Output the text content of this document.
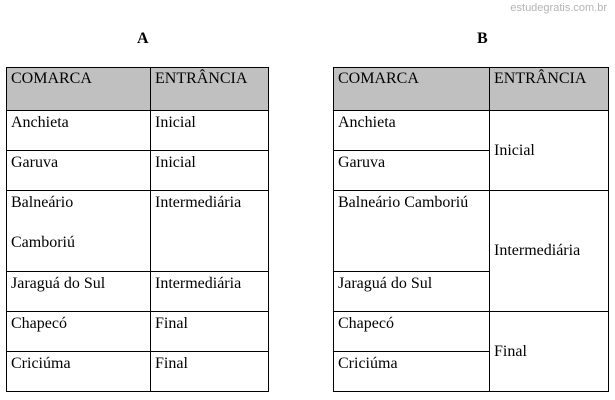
estudegratis.com.br
A	B
COMARCA	ENTRÂNCIA
Anchieta	Inicial
Garuva	Inicial
Balneário
Camboriú	Intermediária
Jaraguá do Sul	Intermediária
Chapecó	Final
Criciúma	Final
COMARCA	ENTRÂNCIA
Anchieta	Inicial
Garuva	
Balneário Camboriú	Intermediária
Jaraguá do Sul	
Chapecó	Final
Criciúma	
